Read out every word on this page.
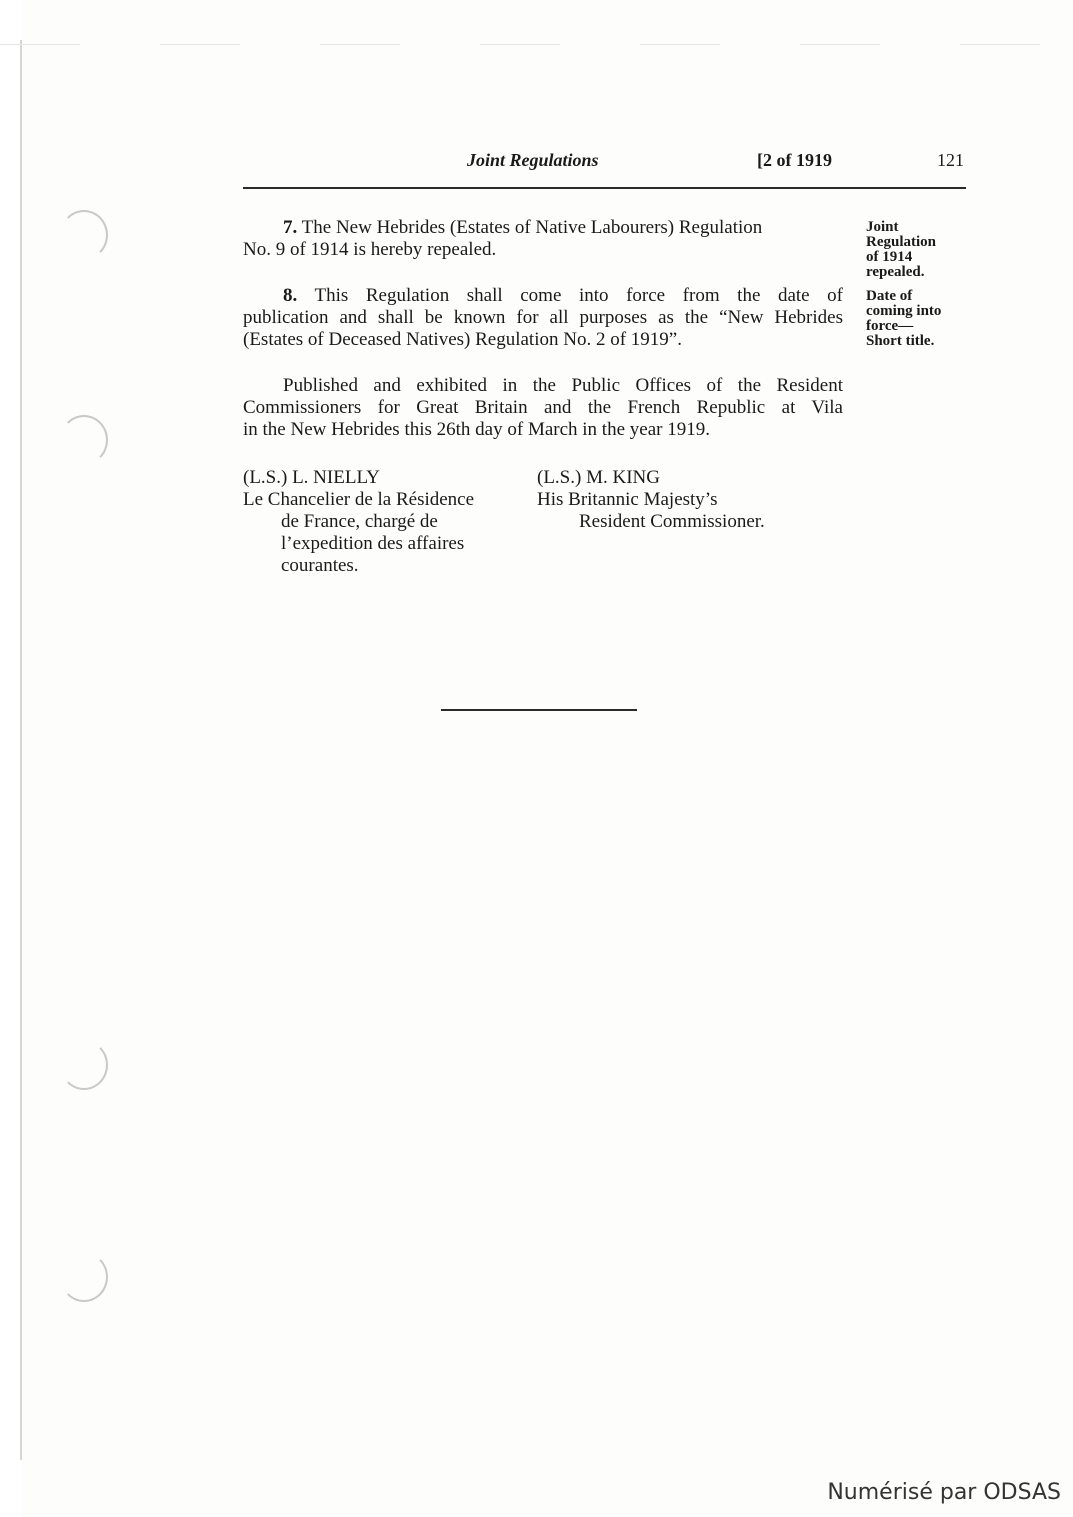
Joint Regulations	[2 of 1919	121
7. The New Hebrides (Estates of Native Labourers) Regulation
No. 9 of 1914 is hereby repealed.
8. This Regulation shall come into force from the date of
publication and shall be known for all purposes as the “New Hebrides
(Estates of Deceased Natives) Regulation No. 2 of 1919”.
Published and exhibited in the Public Offices of the Resident
Commissioners for Great Britain and the French Republic at Vila
in the New Hebrides this 26th day of March in the year 1919.
Joint
Regulation
of 1914
repealed.
Date of
coming into
force—
Short title.
(L.S.) L. NIELLY
Le Chancelier de la Résidence
de France, chargé de
l’expedition des affaires
courantes.
(L.S.) M. KING
His Britannic Majesty’s
Resident Commissioner.
Numérisé par ODSAS
